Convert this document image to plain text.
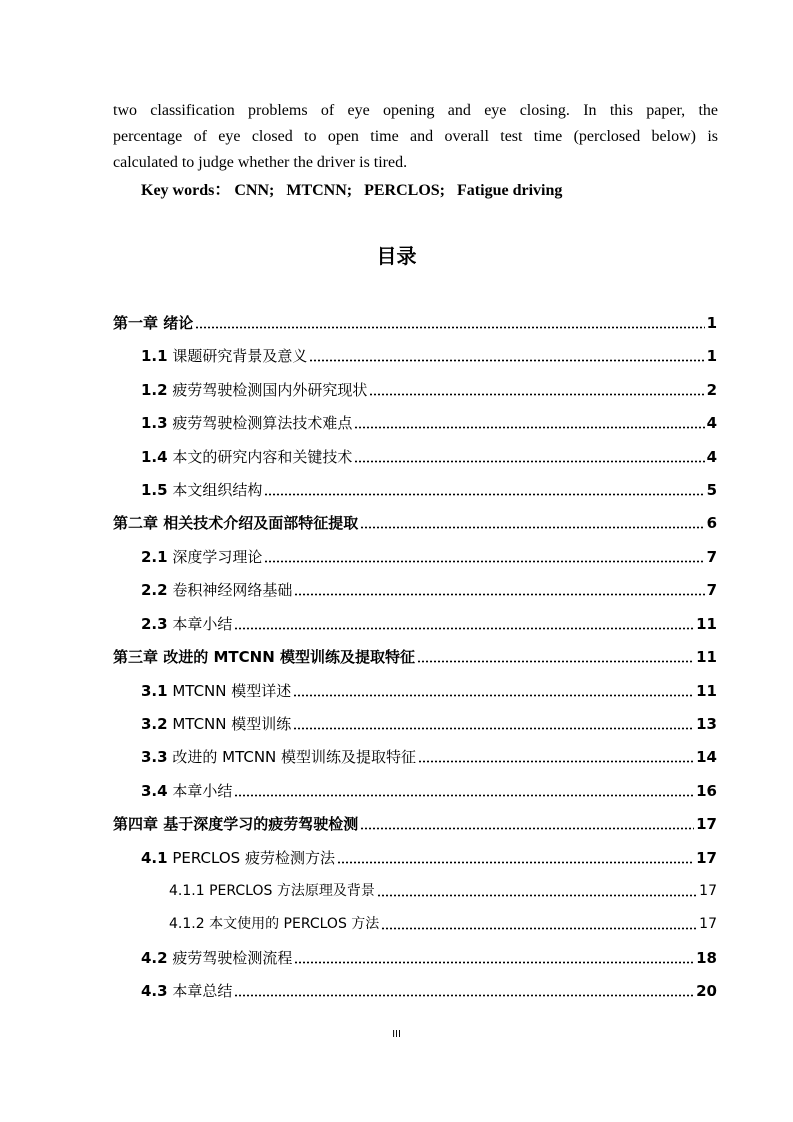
two classification problems of eye opening and eye closing. In this paper, the
percentage of eye closed to open time and overall test time (perclosed below) is
calculated to judge whether the driver is tired.
Key words： CNN; MTCNN; PERCLOS; Fatigue driving
目录
第一章 绪论	1
1.1 课题研究背景及意义	1
1.2 疲劳驾驶检测国内外研究现状	2
1.3 疲劳驾驶检测算法技术难点	4
1.4 本文的研究内容和关键技术	4
1.5 本文组织结构	5
第二章 相关技术介绍及面部特征提取	6
2.1 深度学习理论	7
2.2 卷积神经网络基础	7
2.3 本章小结	11
第三章 改进的 MTCNN 模型训练及提取特征	11
3.1 MTCNN 模型详述	11
3.2 MTCNN 模型训练	13
3.3 改进的 MTCNN 模型训练及提取特征	14
3.4 本章小结	16
第四章 基于深度学习的疲劳驾驶检测	17
4.1 PERCLOS 疲劳检测方法	17
4.1.1 PERCLOS 方法原理及背景	17
4.1.2 本文使用的 PERCLOS 方法	17
4.2 疲劳驾驶检测流程	18
4.3 本章总结	20
III
